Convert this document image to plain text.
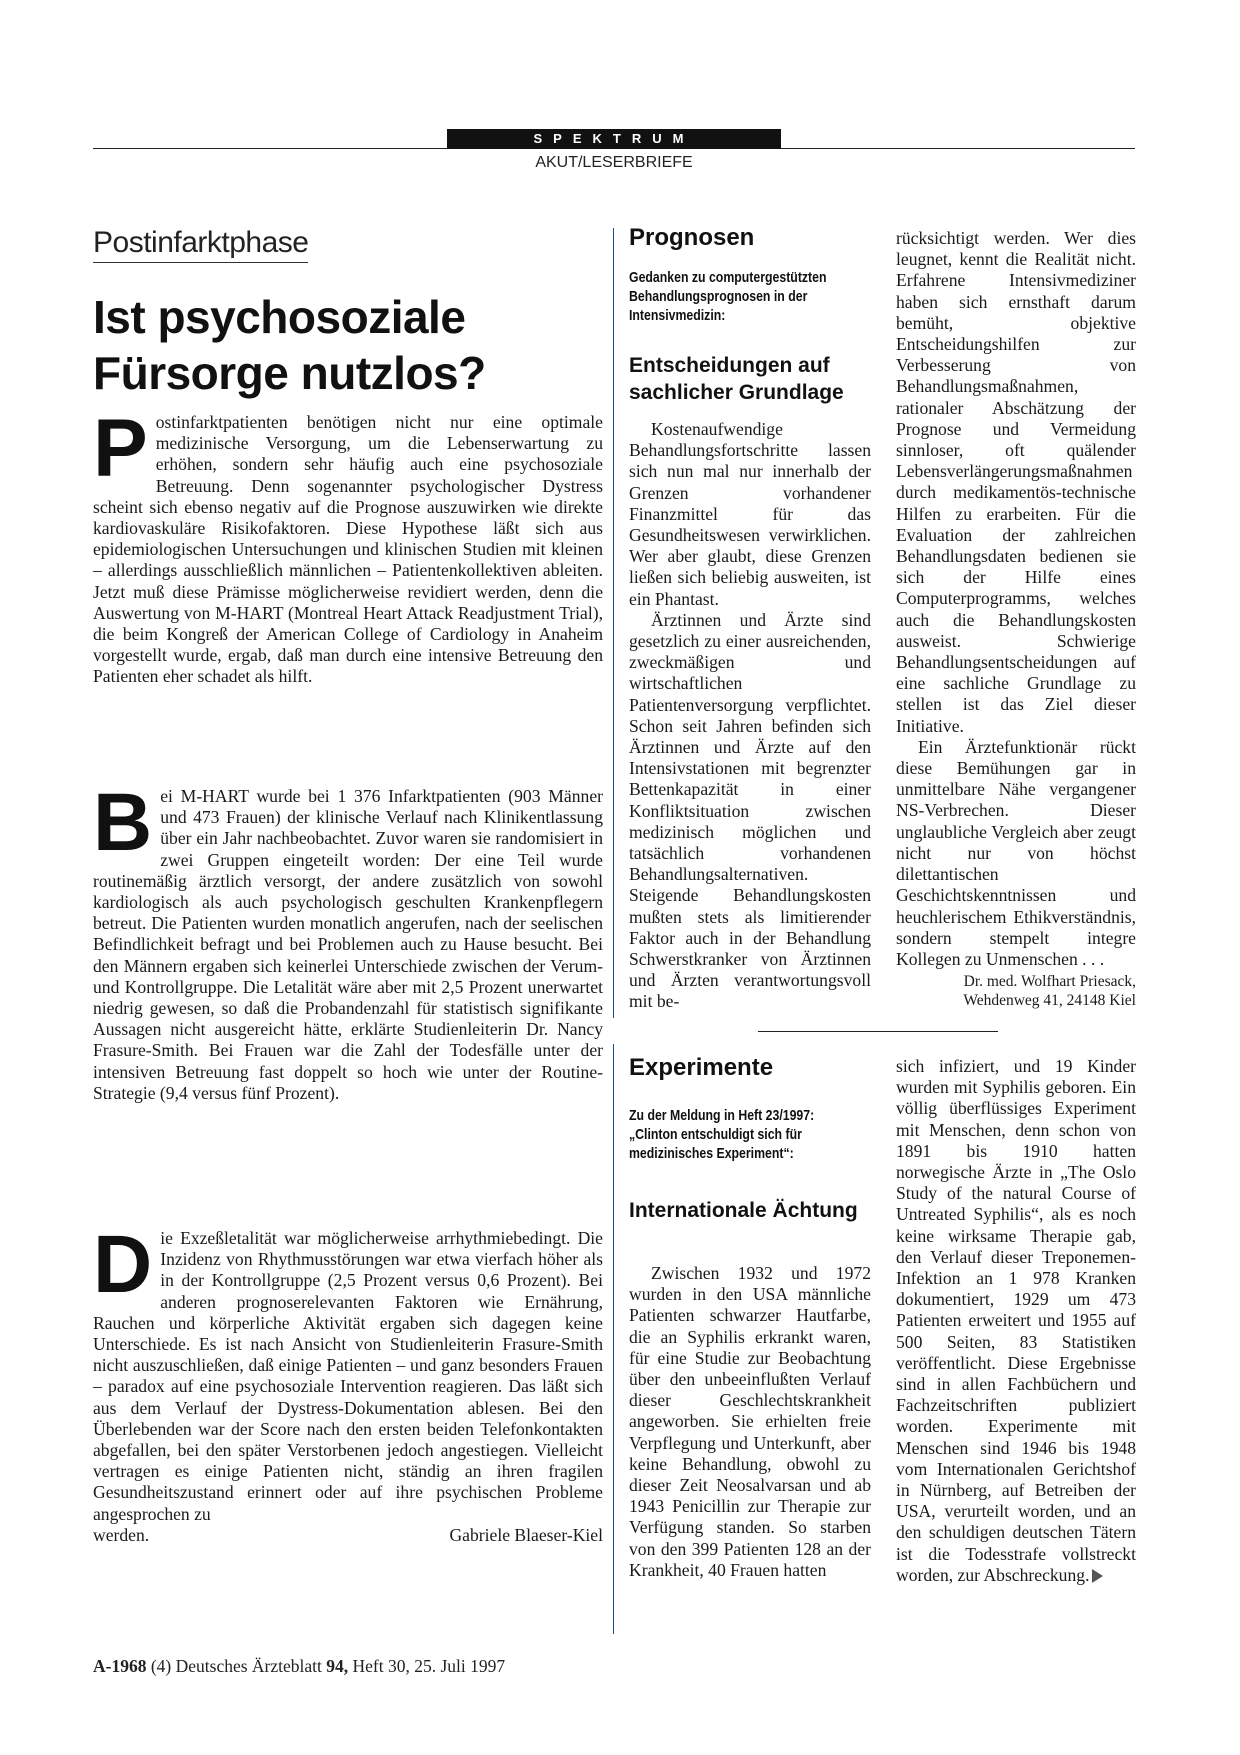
SPEKTRUM
AKUT/LESERBRIEFE
Postinfarktphase
Ist psychosoziale Fürsorge nutzlos?
P ostinfarktpatienten benötigen nicht nur eine optimale medizinische Versorgung, um die Lebenserwartung zu erhöhen, sondern sehr häufig auch eine psychosoziale Betreuung. Denn sogenannter psychologischer Dystress scheint sich ebenso negativ auf die Prognose auszuwirken wie direkte kardiovaskuläre Risikofaktoren. Diese Hypothese läßt sich aus epidemiologischen Untersuchungen und klinischen Studien mit kleinen – allerdings ausschließlich männlichen – Patientenkollektiven ableiten. Jetzt muß diese Prämisse möglicherweise revidiert werden, denn die Auswertung von M-HART (Montreal Heart Attack Readjustment Trial), die beim Kongreß der American College of Cardiology in Anaheim vorgestellt wurde, ergab, daß man durch eine intensive Betreuung den Patienten eher schadet als hilft.

B ei M-HART wurde bei 1 376 Infarktpatienten (903 Männer und 473 Frauen) der klinische Verlauf nach Klinikentlassung über ein Jahr nachbeobachtet. Zuvor waren sie randomisiert in zwei Gruppen eingeteilt worden: Der eine Teil wurde routinemäßig ärztlich versorgt, der andere zusätzlich von sowohl kardiologisch als auch psychologisch geschulten Krankenpflegern betreut. Die Patienten wurden monatlich angerufen, nach der seelischen Befindlichkeit befragt und bei Problemen auch zu Hause besucht. Bei den Männern ergaben sich keinerlei Unterschiede zwischen der Verum- und Kontrollgruppe. Die Letalität wäre aber mit 2,5 Prozent unerwartet niedrig gewesen, so daß die Probandenzahl für statistisch signifikante Aussagen nicht ausgereicht hätte, erklärte Studienleiterin Dr. Nancy Frasure-Smith. Bei Frauen war die Zahl der Todesfälle unter der intensiven Betreuung fast doppelt so hoch wie unter der Routine-Strategie (9,4 versus fünf Prozent).

D ie Exzeßletalität war möglicherweise arrhythmiebedingt. Die Inzidenz von Rhythmusstörungen war etwa vierfach höher als in der Kontrollgruppe (2,5 Prozent versus 0,6 Prozent). Bei anderen prognoserelevanten Faktoren wie Ernährung, Rauchen und körperliche Aktivität ergaben sich dagegen keine Unterschiede. Es ist nach Ansicht von Studienleiterin Frasure-Smith nicht auszuschließen, daß einige Patienten – und ganz besonders Frauen – paradox auf eine psychosoziale Intervention reagieren. Das läßt sich aus dem Verlauf der Dystress-Dokumentation ablesen. Bei den Überlebenden war der Score nach den ersten beiden Telefonkontakten abgefallen, bei den später Verstorbenen jedoch angestiegen. Vielleicht vertragen es einige Patienten nicht, ständig an ihren fragilen Gesundheitszustand erinnert oder auf ihre psychischen Probleme angesprochen zu

werden.	Gabriele Blaeser-Kiel

Prognosen
Gedanken zu computergestützten Behandlungsprognosen in der Intensivmedizin:
Entscheidungen auf sachlicher Grundlage

Kostenaufwendige Behandlungsfortschritte lassen sich nun mal nur innerhalb der Grenzen vorhandener Finanzmittel für das Gesundheitswesen verwirklichen. Wer aber glaubt, diese Grenzen ließen sich beliebig ausweiten, ist ein Phantast.

Ärztinnen und Ärzte sind gesetzlich zu einer ausreichenden, zweckmäßigen und wirtschaftlichen Patientenversorgung verpflichtet. Schon seit Jahren befinden sich Ärztinnen und Ärzte auf den Intensivstationen mit begrenzter Bettenkapazität in einer Konfliktsituation zwischen medizinisch möglichen und tatsächlich vorhandenen Behandlungsalternativen.

Steigende Behandlungskosten mußten stets als limitierender Faktor auch in der Behandlung Schwerstkranker von Ärztinnen und Ärzten verantwortungsvoll mit be-

rücksichtigt werden. Wer dies leugnet, kennt die Realität nicht. Erfahrene Intensivmediziner haben sich ernsthaft darum bemüht, objektive Entscheidungshilfen zur Verbesserung von Behandlungsmaßnahmen, rationaler Abschätzung der Prognose und Vermeidung sinnloser, oft quälender Lebensverlängerungsmaßnahmen durch medikamentös-technische Hilfen zu erarbeiten. Für die Evaluation der zahlreichen Behandlungsdaten bedienen sie sich der Hilfe eines Computerprogramms, welches auch die Behandlungskosten ausweist. Schwierige Behandlungsentscheidungen auf eine sachliche Grundlage zu stellen ist das Ziel dieser Initiative.

Ein Ärztefunktionär rückt diese Bemühungen gar in unmittelbare Nähe vergangener NS-Verbrechen. Dieser unglaubliche Vergleich aber zeugt nicht nur von höchst dilettantischen Geschichtskenntnissen und heuchlerischem Ethikverständnis, sondern stempelt integre Kollegen zu Unmenschen . . .

Dr. med. Wolfhart Priesack,
Wehdenweg 41, 24148 Kiel
Experimente
Zu der Meldung in Heft 23/1997: „Clinton entschuldigt sich für medizinisches Experiment“:
Internationale Ächtung

Zwischen 1932 und 1972 wurden in den USA männliche Patienten schwarzer Hautfarbe, die an Syphilis erkrankt waren, für eine Studie zur Beobachtung über den unbeeinflußten Verlauf dieser Geschlechtskrankheit angeworben. Sie erhielten freie Verpflegung und Unterkunft, aber keine Behandlung, obwohl zu dieser Zeit Neosalvarsan und ab 1943 Penicillin zur Therapie zur Verfügung standen. So starben von den 399 Patienten 128 an der Krankheit, 40 Frauen hatten

sich infiziert, und 19 Kinder wurden mit Syphilis geboren. Ein völlig überflüssiges Experiment mit Menschen, denn schon von 1891 bis 1910 hatten norwegische Ärzte in „The Oslo Study of the natural Course of Untreated Syphilis“, als es noch keine wirksame Therapie gab, den Verlauf dieser Treponemen-Infektion an 1 978 Kranken dokumentiert, 1929 um 473 Patienten erweitert und 1955 auf 500 Seiten, 83 Statistiken veröffentlicht. Diese Ergebnisse sind in allen Fachbüchern und Fachzeitschriften publiziert worden. Experimente mit Menschen sind 1946 bis 1948 vom Internationalen Gerichtshof in Nürnberg, auf Betreiben der USA, verurteilt worden, und an den schuldigen deutschen Tätern ist die Todesstrafe vollstreckt worden, zur Abschreckung.

A-1968 (4) Deutsches Ärzteblatt 94, Heft 30, 25. Juli 1997
